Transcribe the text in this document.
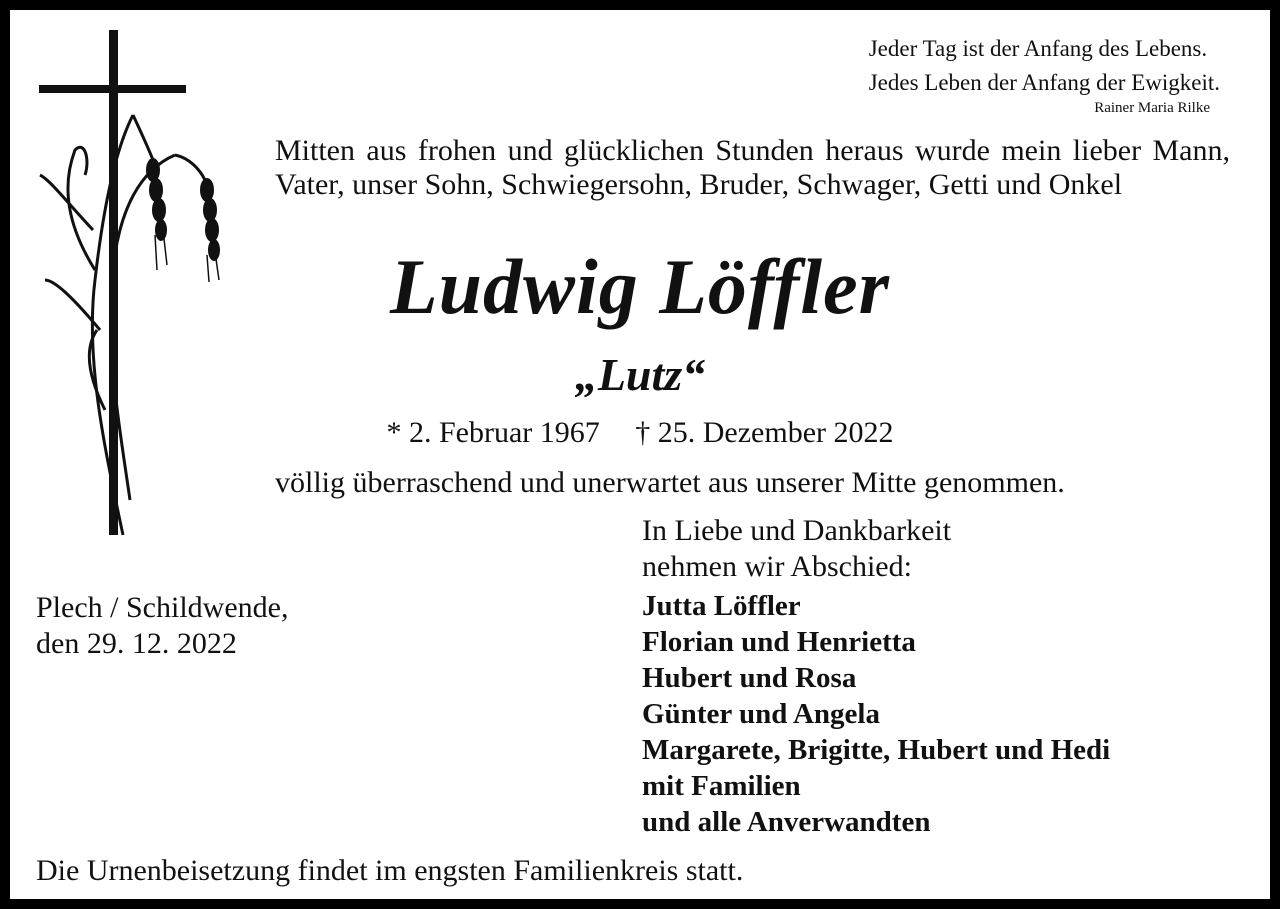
Jeder Tag ist der Anfang des Lebens.
Jedes Leben der Anfang der Ewigkeit.
Rainer Maria Rilke
Mitten aus frohen und glücklichen Stunden heraus wurde mein lieber Mann, Vater, unser Sohn, Schwiegersohn, Bruder, Schwager, Getti und Onkel
Ludwig Löffler
„Lutz“
* 2. Februar 1967 † 25. Dezember 2022
völlig überraschend und unerwartet aus unserer Mitte genommen.
In Liebe und Dankbarkeit
nehmen wir Abschied:
Jutta Löffler
Florian und Henrietta
Hubert und Rosa
Günter und Angela
Margarete, Brigitte, Hubert und Hedi
mit Familien
und alle Anverwandten
Plech / Schildwende,
den 29. 12. 2022
Die Urnenbeisetzung findet im engsten Familienkreis statt.
